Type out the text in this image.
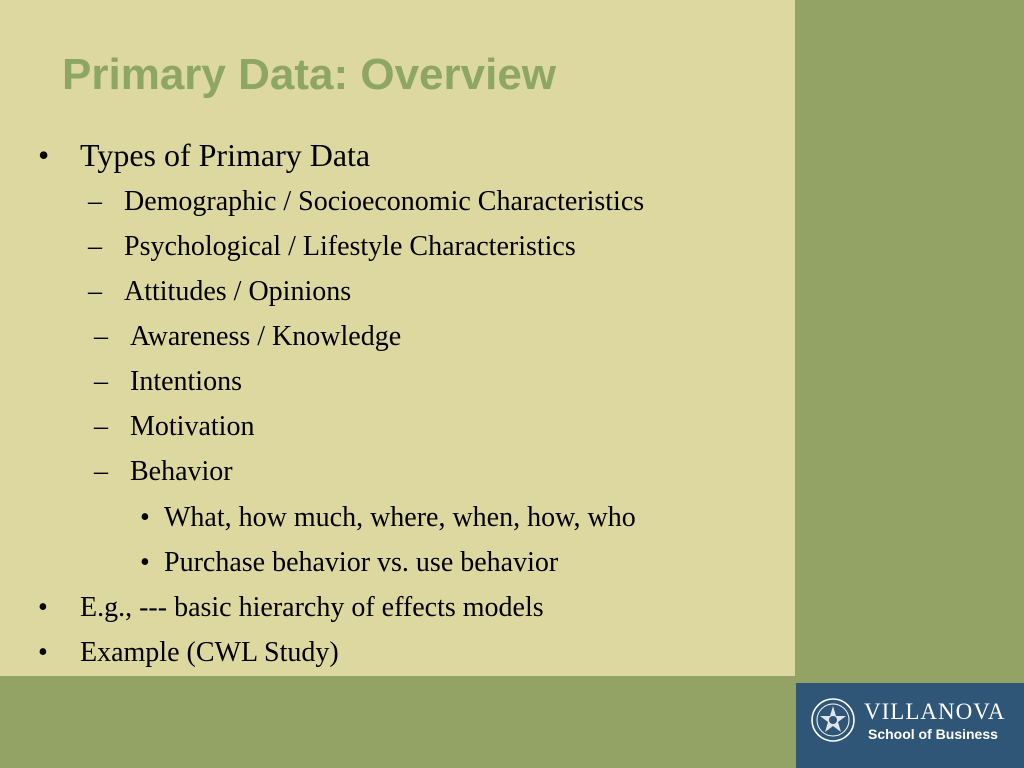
Primary Data: Overview
• Types of Primary Data
– Demographic / Socioeconomic Characteristics
– Psychological / Lifestyle Characteristics
– Attitudes / Opinions
– Awareness / Knowledge
– Intentions
– Motivation
– Behavior
• What, how much, where, when, how, who
• Purchase behavior vs. use behavior
• E.g., --- basic hierarchy of effects models
• Example (CWL Study)
VILLANOVA
School of Business
